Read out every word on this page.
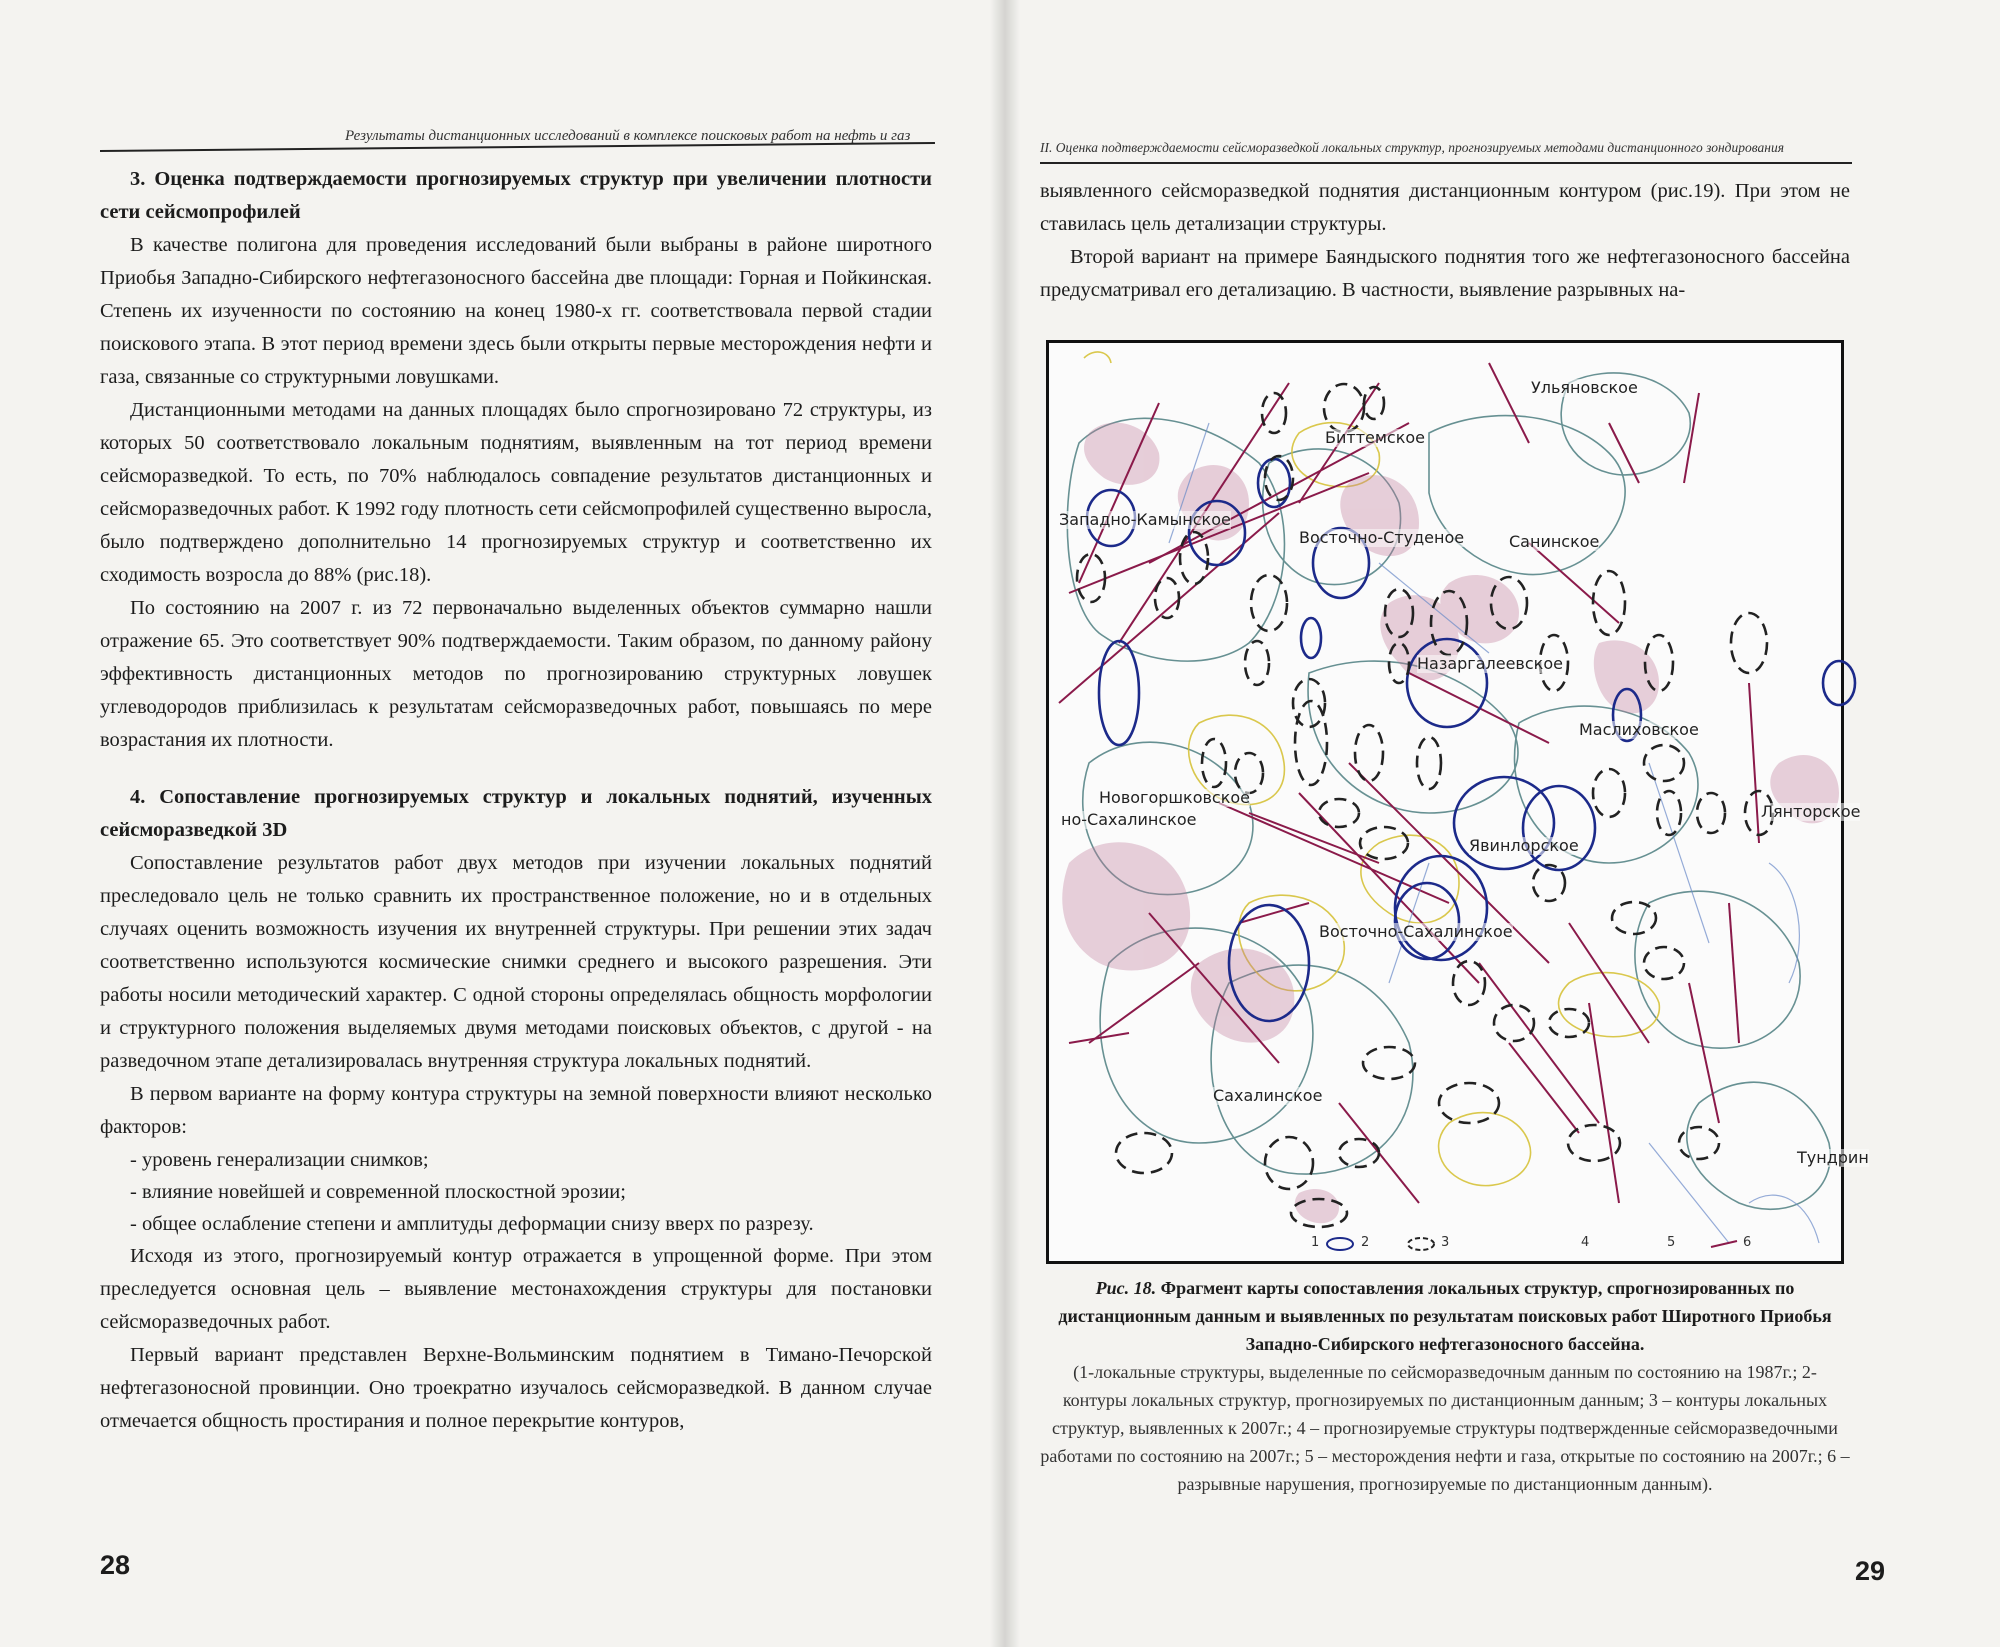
Результаты дистанционных исследований в комплексе поисковых работ на нефть и газ
3. Оценка подтверждаемости прогнозируемых структур при увеличении плотности сети сейсмопрофилей

В качестве полигона для проведения исследований были выбраны в районе широтного Приобья Западно-Сибирского нефтегазоносного бассейна две площади: Горная и Пойкинская. Степень их изученности по состоянию на конец 1980-х гг. соответствовала первой стадии поискового этапа. В этот период времени здесь были открыты первые месторождения нефти и газа, связанные со структурными ловушками.

Дистанционными методами на данных площадях было спрогнозировано 72 структуры, из которых 50 соответствовало локальным поднятиям, выявленным на тот период времени сейсморазведкой. То есть, по 70% наблюдалось совпадение результатов дистанционных и сейсморазведочных работ. К 1992 году плотность сети сейсмопрофилей существенно выросла, было подтверждено дополнительно 14 прогнозируемых структур и соответственно их сходимость возросла до 88% (рис.18).

По состоянию на 2007 г. из 72 первоначально выделенных объектов суммарно нашли отражение 65. Это соответствует 90% подтверждаемости. Таким образом, по данному району эффективность дистанционных методов по прогнозированию структурных ловушек углеводородов приблизилась к результатам сейсморазведочных работ, повышаясь по мере возрастания их плотности.

4. Сопоставление прогнозируемых структур и локальных поднятий, изученных сейсморазведкой 3D

Сопоставление результатов работ двух методов при изучении локальных поднятий преследовало цель не только сравнить их пространственное положение, но и в отдельных случаях оценить возможность изучения их внутренней структуры. При решении этих задач соответственно используются космические снимки среднего и высокого разрешения. Эти работы носили методический характер. С одной стороны определялась общность морфологии и структурного положения выделяемых двумя методами поисковых объектов, с другой - на разведочном этапе детализировалась внутренняя структура локальных поднятий.

В первом варианте на форму контура структуры на земной поверхности влияют несколько факторов:

- уровень генерализации снимков;
- влияние новейшей и современной плоскостной эрозии;
- общее ослабление степени и амплитуды деформации снизу вверх по разрезу.

Исходя из этого, прогнозируемый контур отражается в упрощенной форме. При этом преследуется основная цель – выявление местонахождения структуры для постановки сейсморазведочных работ.

Первый вариант представлен Верхне-Вольминским поднятием в Тимано-Печорской нефтегазоносной провинции. Оно троекратно изучалось сейсморазведкой. В данном случае отмечается общность простирания и полное перекрытие контуров,

28
II. Оценка подтверждаемости сейсморазведкой локальных структур, прогнозируемых методами дистанционного зондирования

выявленного сейсморазведкой поднятия дистанционным контуром (рис.19). При этом не ставилась цель детализации структуры.

Второй вариант на примере Баяндыского поднятия того же нефтегазоносного бассейна предусматривал его детализацию. В частности, выявление разрывных на-

Ульяновское
Биттемское
Западно-Камынское
Восточно-Студеное	Санинское
Назаргалеевское
Маслиховское
Новогоршковское
но-Сахалинское	Лянторское
Явинлорское
Восточно-Сахалинское
Сахалинское
Тундрин
1	2	3	4	5	6
Рис. 18. Фрагмент карты сопоставления локальных структур, спрогнозированных по дистанционным данным и выявленных по результатам поисковых работ Широтного Приобья Западно-Сибирского нефтегазоносного бассейна.
(1-локальные структуры, выделенные по сейсморазведочным данным по состоянию на 1987г.; 2- контуры локальных структур, прогнозируемых по дистанционным данным; 3 – контуры локальных структур, выявленных к 2007г.; 4 – прогнозируемые структуры подтвержденные сейсморазведочными работами по состоянию на 2007г.; 5 – месторождения нефти и газа, открытые по состоянию на 2007г.; 6 – разрывные нарушения, прогнозируемые по дистанционным данным).
29
